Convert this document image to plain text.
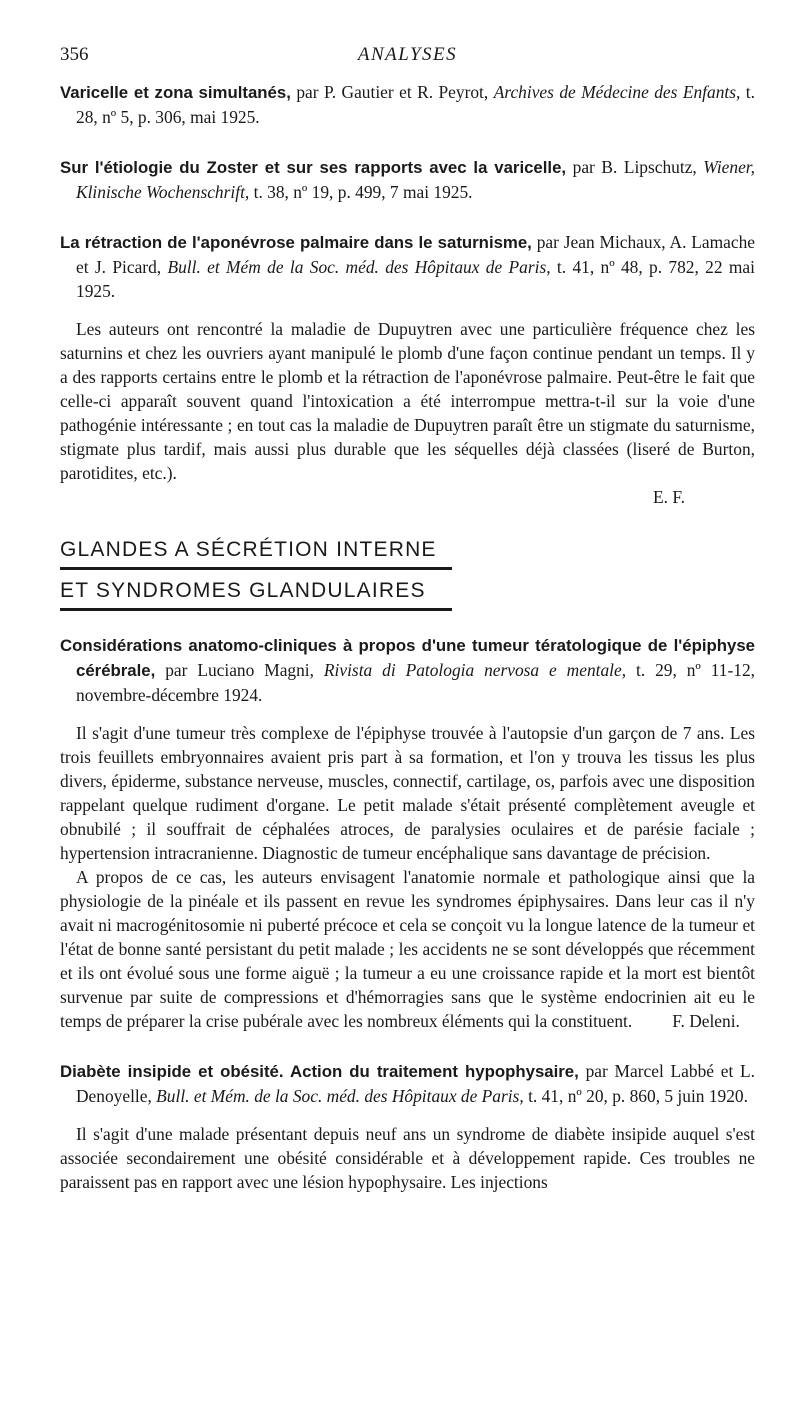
356	ANALYSES

Varicelle et zona simultanés, par P. Gautier et R. Peyrot, Archives de Médecine des Enfants, t. 28, nº 5, p. 306, mai 1925.

Sur l'étiologie du Zoster et sur ses rapports avec la varicelle, par B. Lipschutz, Wiener, Klinische Wochenschrift, t. 38, nº 19, p. 499, 7 mai 1925.

La rétraction de l'aponévrose palmaire dans le saturnisme, par Jean Michaux, A. Lamache et J. Picard, Bull. et Mém de la Soc. méd. des Hôpitaux de Paris, t. 41, nº 48, p. 782, 22 mai 1925.

Les auteurs ont rencontré la maladie de Dupuytren avec une particulière fréquence chez les saturnins et chez les ouvriers ayant manipulé le plomb d'une façon continue pendant un temps. Il y a des rapports certains entre le plomb et la rétraction de l'aponévrose palmaire. Peut-être le fait que celle-ci apparaît souvent quand l'intoxication a été interrompue mettra-t-il sur la voie d'une pathogénie intéressante ; en tout cas la maladie de Dupuytren paraît être un stigmate du saturnisme, stigmate plus tardif, mais aussi plus durable que les séquelles déjà classées (liseré de Burton, parotidites, etc.).

E. F.

GLANDES A SÉCRÉTION INTERNE
ET SYNDROMES GLANDULAIRES

Considérations anatomo-cliniques à propos d'une tumeur tératologique de l'épiphyse cérébrale, par Luciano Magni, Rivista di Patologia nervosa e mentale, t. 29, nº 11-12, novembre-décembre 1924.

Il s'agit d'une tumeur très complexe de l'épiphyse trouvée à l'autopsie d'un garçon de 7 ans. Les trois feuillets embryonnaires avaient pris part à sa formation, et l'on y trouva les tissus les plus divers, épiderme, substance nerveuse, muscles, connectif, cartilage, os, parfois avec une disposition rappelant quelque rudiment d'organe. Le petit malade s'était présenté complètement aveugle et obnubilé ; il souffrait de céphalées atroces, de paralysies oculaires et de parésie faciale ; hypertension intracranienne. Diagnostic de tumeur encéphalique sans davantage de précision.

A propos de ce cas, les auteurs envisagent l'anatomie normale et pathologique ainsi que la physiologie de la pinéale et ils passent en revue les syndromes épiphysaires. Dans leur cas il n'y avait ni macrogénitosomie ni puberté précoce et cela se conçoit vu la longue latence de la tumeur et l'état de bonne santé persistant du petit malade ; les accidents ne se sont développés que récemment et ils ont évolué sous une forme aiguë ; la tumeur a eu une croissance rapide et la mort est bientôt survenue par suite de compressions et d'hémorragies sans que le système endocrinien ait eu le temps de préparer la crise pubérale avec les nombreux éléments qui la constituent. F. Deleni.

Diabète insipide et obésité. Action du traitement hypophysaire, par Marcel Labbé et L. Denoyelle, Bull. et Mém. de la Soc. méd. des Hôpitaux de Paris, t. 41, nº 20, p. 860, 5 juin 1920.

Il s'agit d'une malade présentant depuis neuf ans un syndrome de diabète insipide auquel s'est associée secondairement une obésité considérable et à développement rapide. Ces troubles ne paraissent pas en rapport avec une lésion hypophysaire. Les injections
